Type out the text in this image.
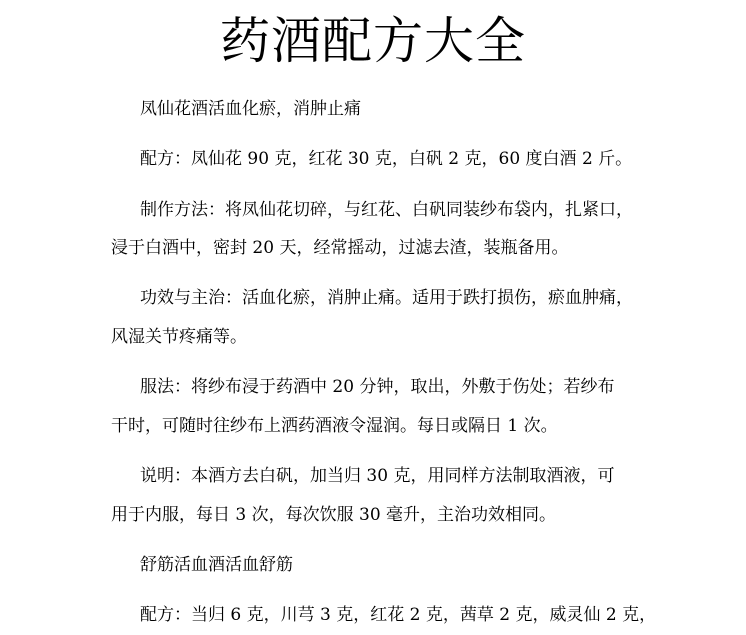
药酒配方大全

凤仙花酒活血化瘀，消肿止痛

配方：凤仙花 90 克，红花 30 克，白矾 2 克，60 度白酒 2 斤。

制作方法：将凤仙花切碎，与红花、白矾同装纱布袋内，扎紧口，

浸于白酒中，密封 20 天，经常摇动，过滤去渣，装瓶备用。

功效与主治：活血化瘀，消肿止痛。适用于跌打损伤，瘀血肿痛，

风湿关节疼痛等。

服法：将纱布浸于药酒中 20 分钟，取出，外敷于伤处；若纱布

干时，可随时往纱布上洒药酒液令湿润。每日或隔日 1 次。

说明：本酒方去白矾，加当归 30 克，用同样方法制取酒液，可

用于内服，每日 3 次，每次饮服 30 毫升，主治功效相同。

舒筋活血酒活血舒筋

配方：当归 6 克，川芎 3 克，红花 2 克，茜草 2 克，威灵仙 2 克，
